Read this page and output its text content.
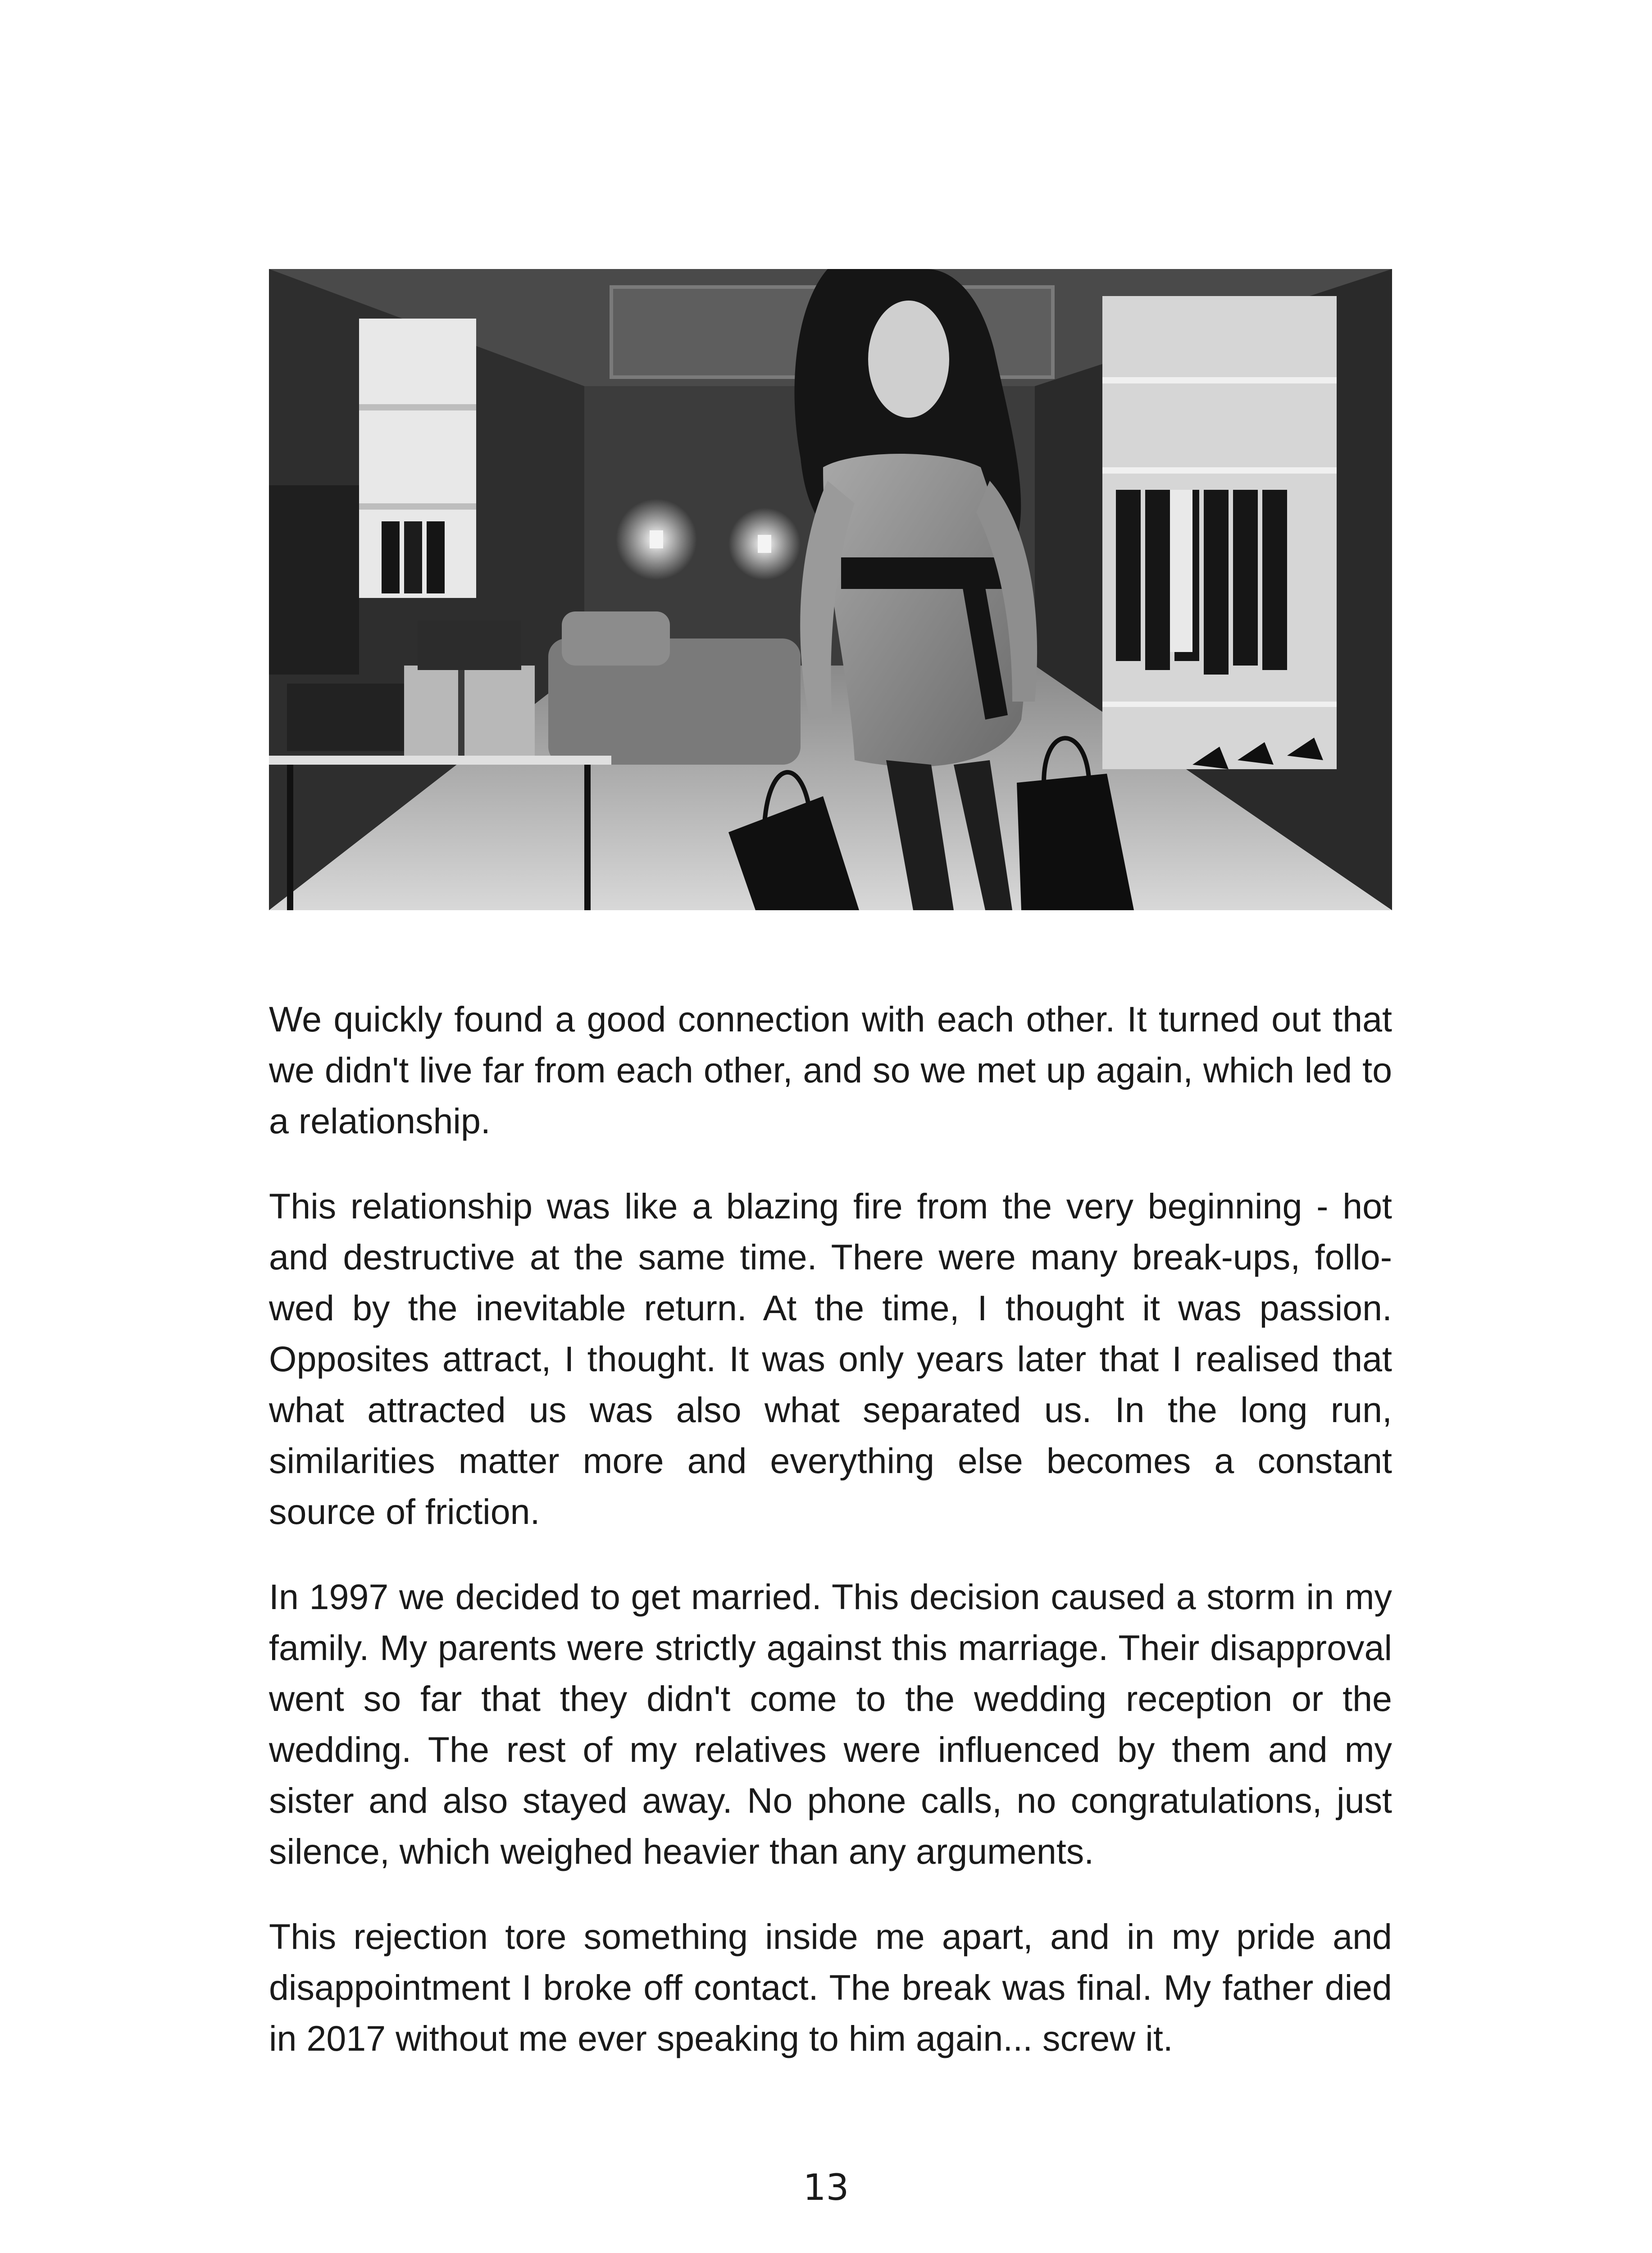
We quickly found a good connection with each other. It turned out that we didn't live far from each other, and so we met up again, which led to a relationship.

This relationship was like a blazing fire from the very beginning - hot and destructive at the same time. There were many break-ups, followed by the inevitable return. At the time, I thought it was passion. Opposites attract, I thought. It was only years later that I realised that what attracted us was also what separated us. In the long run, similarities matter more and everything else becomes a constant source of friction.

In 1997 we decided to get married. This decision caused a storm in my family. My parents were strictly against this marriage. Their disapproval went so far that they didn't come to the wedding reception or the wedding. The rest of my relatives were influenced by them and my sister and also stayed away. No phone calls, no congratulations, just silence, which weighed heavier than any arguments.

This rejection tore something inside me apart, and in my pride and disappointment I broke off contact. The break was final. My father died in 2017 without me ever speaking to him again... screw it.

13
